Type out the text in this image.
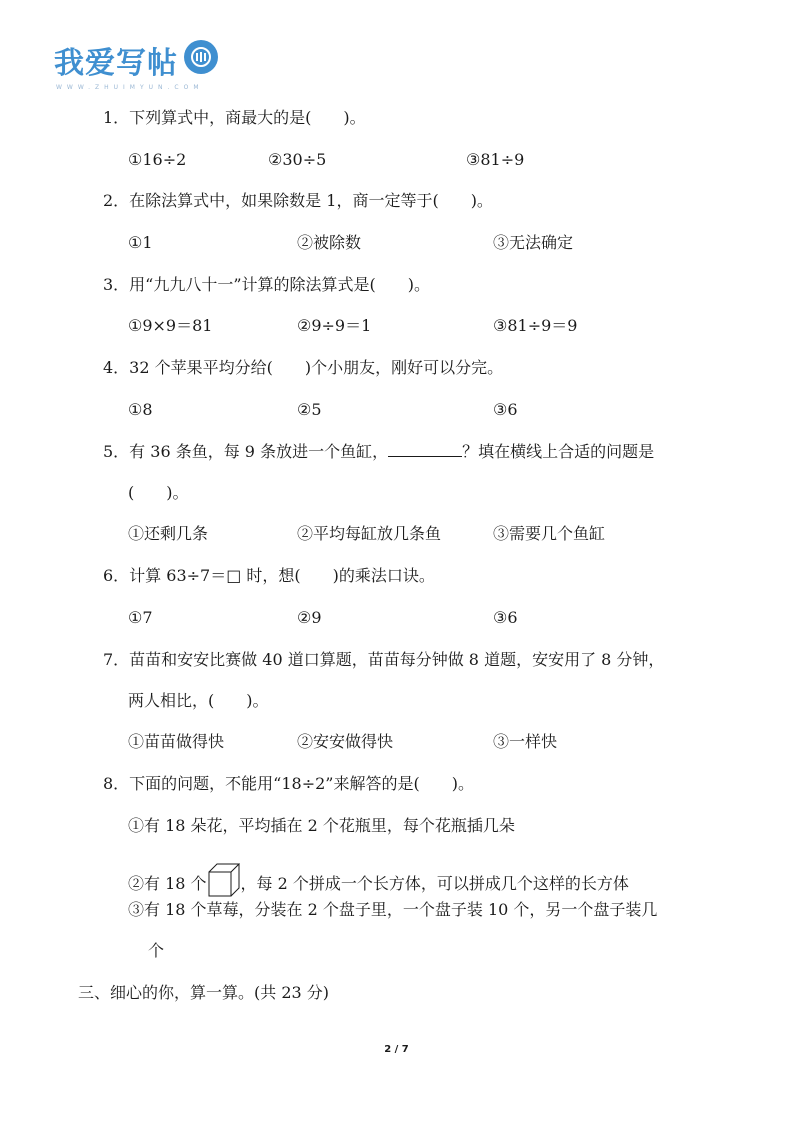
我爱写帖
WWW.ZHUIMYUN.COM
1．下列算式中，商最大的是(　　)。
①16÷2	②30÷5	③81÷9
2．在除法算式中，如果除数是 1，商一定等于(　　)。
①1	②被除数	③无法确定
3．用“九九八十一”计算的除法算式是(　　)。
①9×9＝81	②9÷9＝1	③81÷9＝9
4．32 个苹果平均分给(　　)个小朋友，刚好可以分完。
①8	②5	③6
5．有 36 条鱼，每 9 条放进一个鱼缸，	？填在横线上合适的问题是
(　　)。
①还剩几条	②平均每缸放几条鱼	③需要几个鱼缸
6．计算 63÷7＝□ 时，想(　　)的乘法口诀。
①7	②9	③6
7．苗苗和安安比赛做 40 道口算题，苗苗每分钟做 8 道题，安安用了 8 分钟，
两人相比，(　　)。
①苗苗做得快	②安安做得快	③一样快
8．下面的问题，不能用“18÷2”来解答的是(　　)。
①有 18 朵花，平均插在 2 个花瓶里，每个花瓶插几朵
②有 18 个 ，每 2 个拼成一个长方体，可以拼成几个这样的长方体
③有 18 个草莓，分装在 2 个盘子里，一个盘子装 10 个，另一个盘子装几
个
三、细心的你，算一算。(共 23 分)
2 / 7
